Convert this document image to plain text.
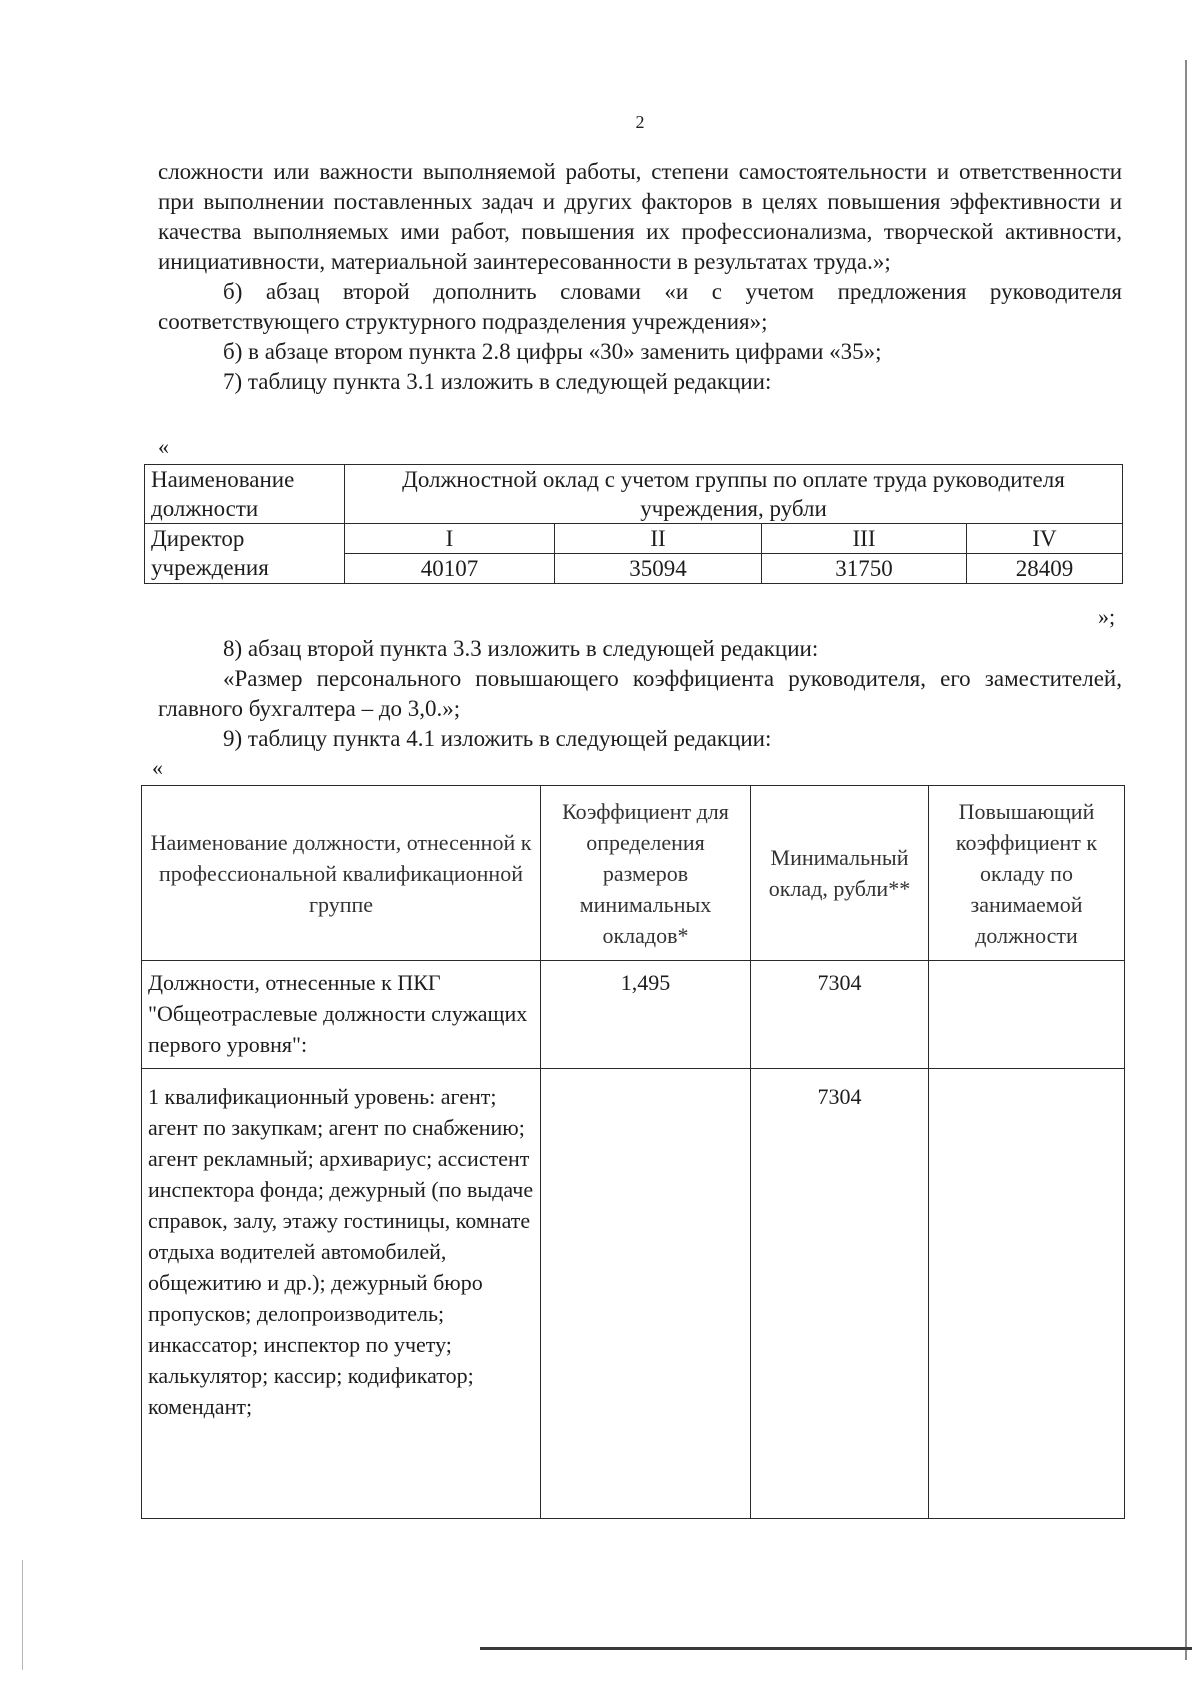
2

сложности или важности выполняемой работы, степени самостоятельности и ответственности при выполнении поставленных задач и других факторов в целях повышения эффективности и качества выполняемых ими работ, повышения их профессионализма, творческой активности, инициативности, материальной заинтересованности в результатах труда.»;

б) абзац второй дополнить словами «и с учетом предложения руководителя соответствующего структурного подразделения учреждения»;

б) в абзаце втором пункта 2.8 цифры «30» заменить цифрами «35»;

7) таблицу пункта 3.1 изложить в следующей редакции:

«
Наименование должности	Должностной оклад с учетом группы по оплате труда руководителя учреждения, рубли			
Директор учреждения	I	II	III	IV
	40107	35094	31750	28409
»;

8) абзац второй пункта 3.3 изложить в следующей редакции:

«Размер персонального повышающего коэффициента руководителя, его заместителей, главного бухгалтера – до 3,0.»;

9) таблицу пункта 4.1 изложить в следующей редакции:

«
Наименование должности, отнесенной к профессиональной квалификационной группе	Коэффициент для определения размеров минимальных окладов*	Минимальный оклад, рубли**	Повышающий коэффициент к окладу по занимаемой должности
Должности, отнесенные к ПКГ "Общеотраслевые должности служащих первого уровня":	1,495	7304	
1 квалификационный уровень: агент; агент по закупкам; агент по снабжению; агент рекламный; архивариус; ассистент инспектора фонда; дежурный (по выдаче справок, залу, этажу гостиницы, комнате отдыха водителей автомобилей, общежитию и др.); дежурный бюро пропусков; делопроизводитель; инкассатор; инспектор по учету; калькулятор; кассир; кодификатор; комендант;		7304	
